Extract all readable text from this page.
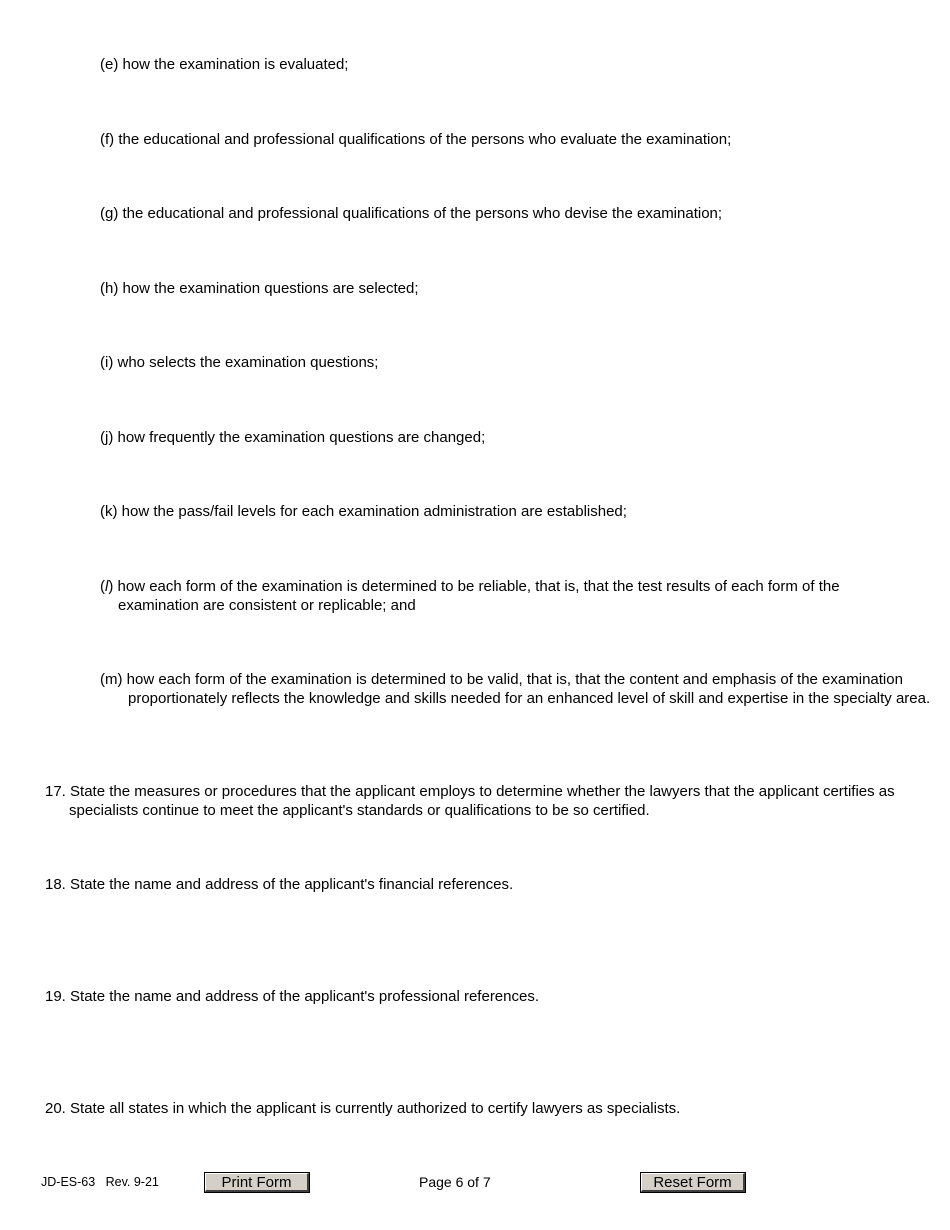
(e) how the examination is evaluated;
(f) the educational and professional qualifications of the persons who evaluate the examination;
(g) the educational and professional qualifications of the persons who devise the examination;
(h) how the examination questions are selected;
(i) who selects the examination questions;
(j) how frequently the examination questions are changed;
(k) how the pass/fail levels for each examination administration are established;
(l) how each form of the examination is determined to be reliable, that is, that the test results of each form of the examination are consistent or replicable; and
(m) how each form of the examination is determined to be valid, that is, that the content and emphasis of the examination proportionately reflects the knowledge and skills needed for an enhanced level of skill and expertise in the specialty area.
17. State the measures or procedures that the applicant employs to determine whether the lawyers that the applicant certifies as specialists continue to meet the applicant's standards or qualifications to be so certified.
18. State the name and address of the applicant's financial references.
19. State the name and address of the applicant's professional references.
20. State all states in which the applicant is currently authorized to certify lawyers as specialists.
JD-ES-63   Rev. 9-21	Print Form	Page 6 of 7	Reset Form
